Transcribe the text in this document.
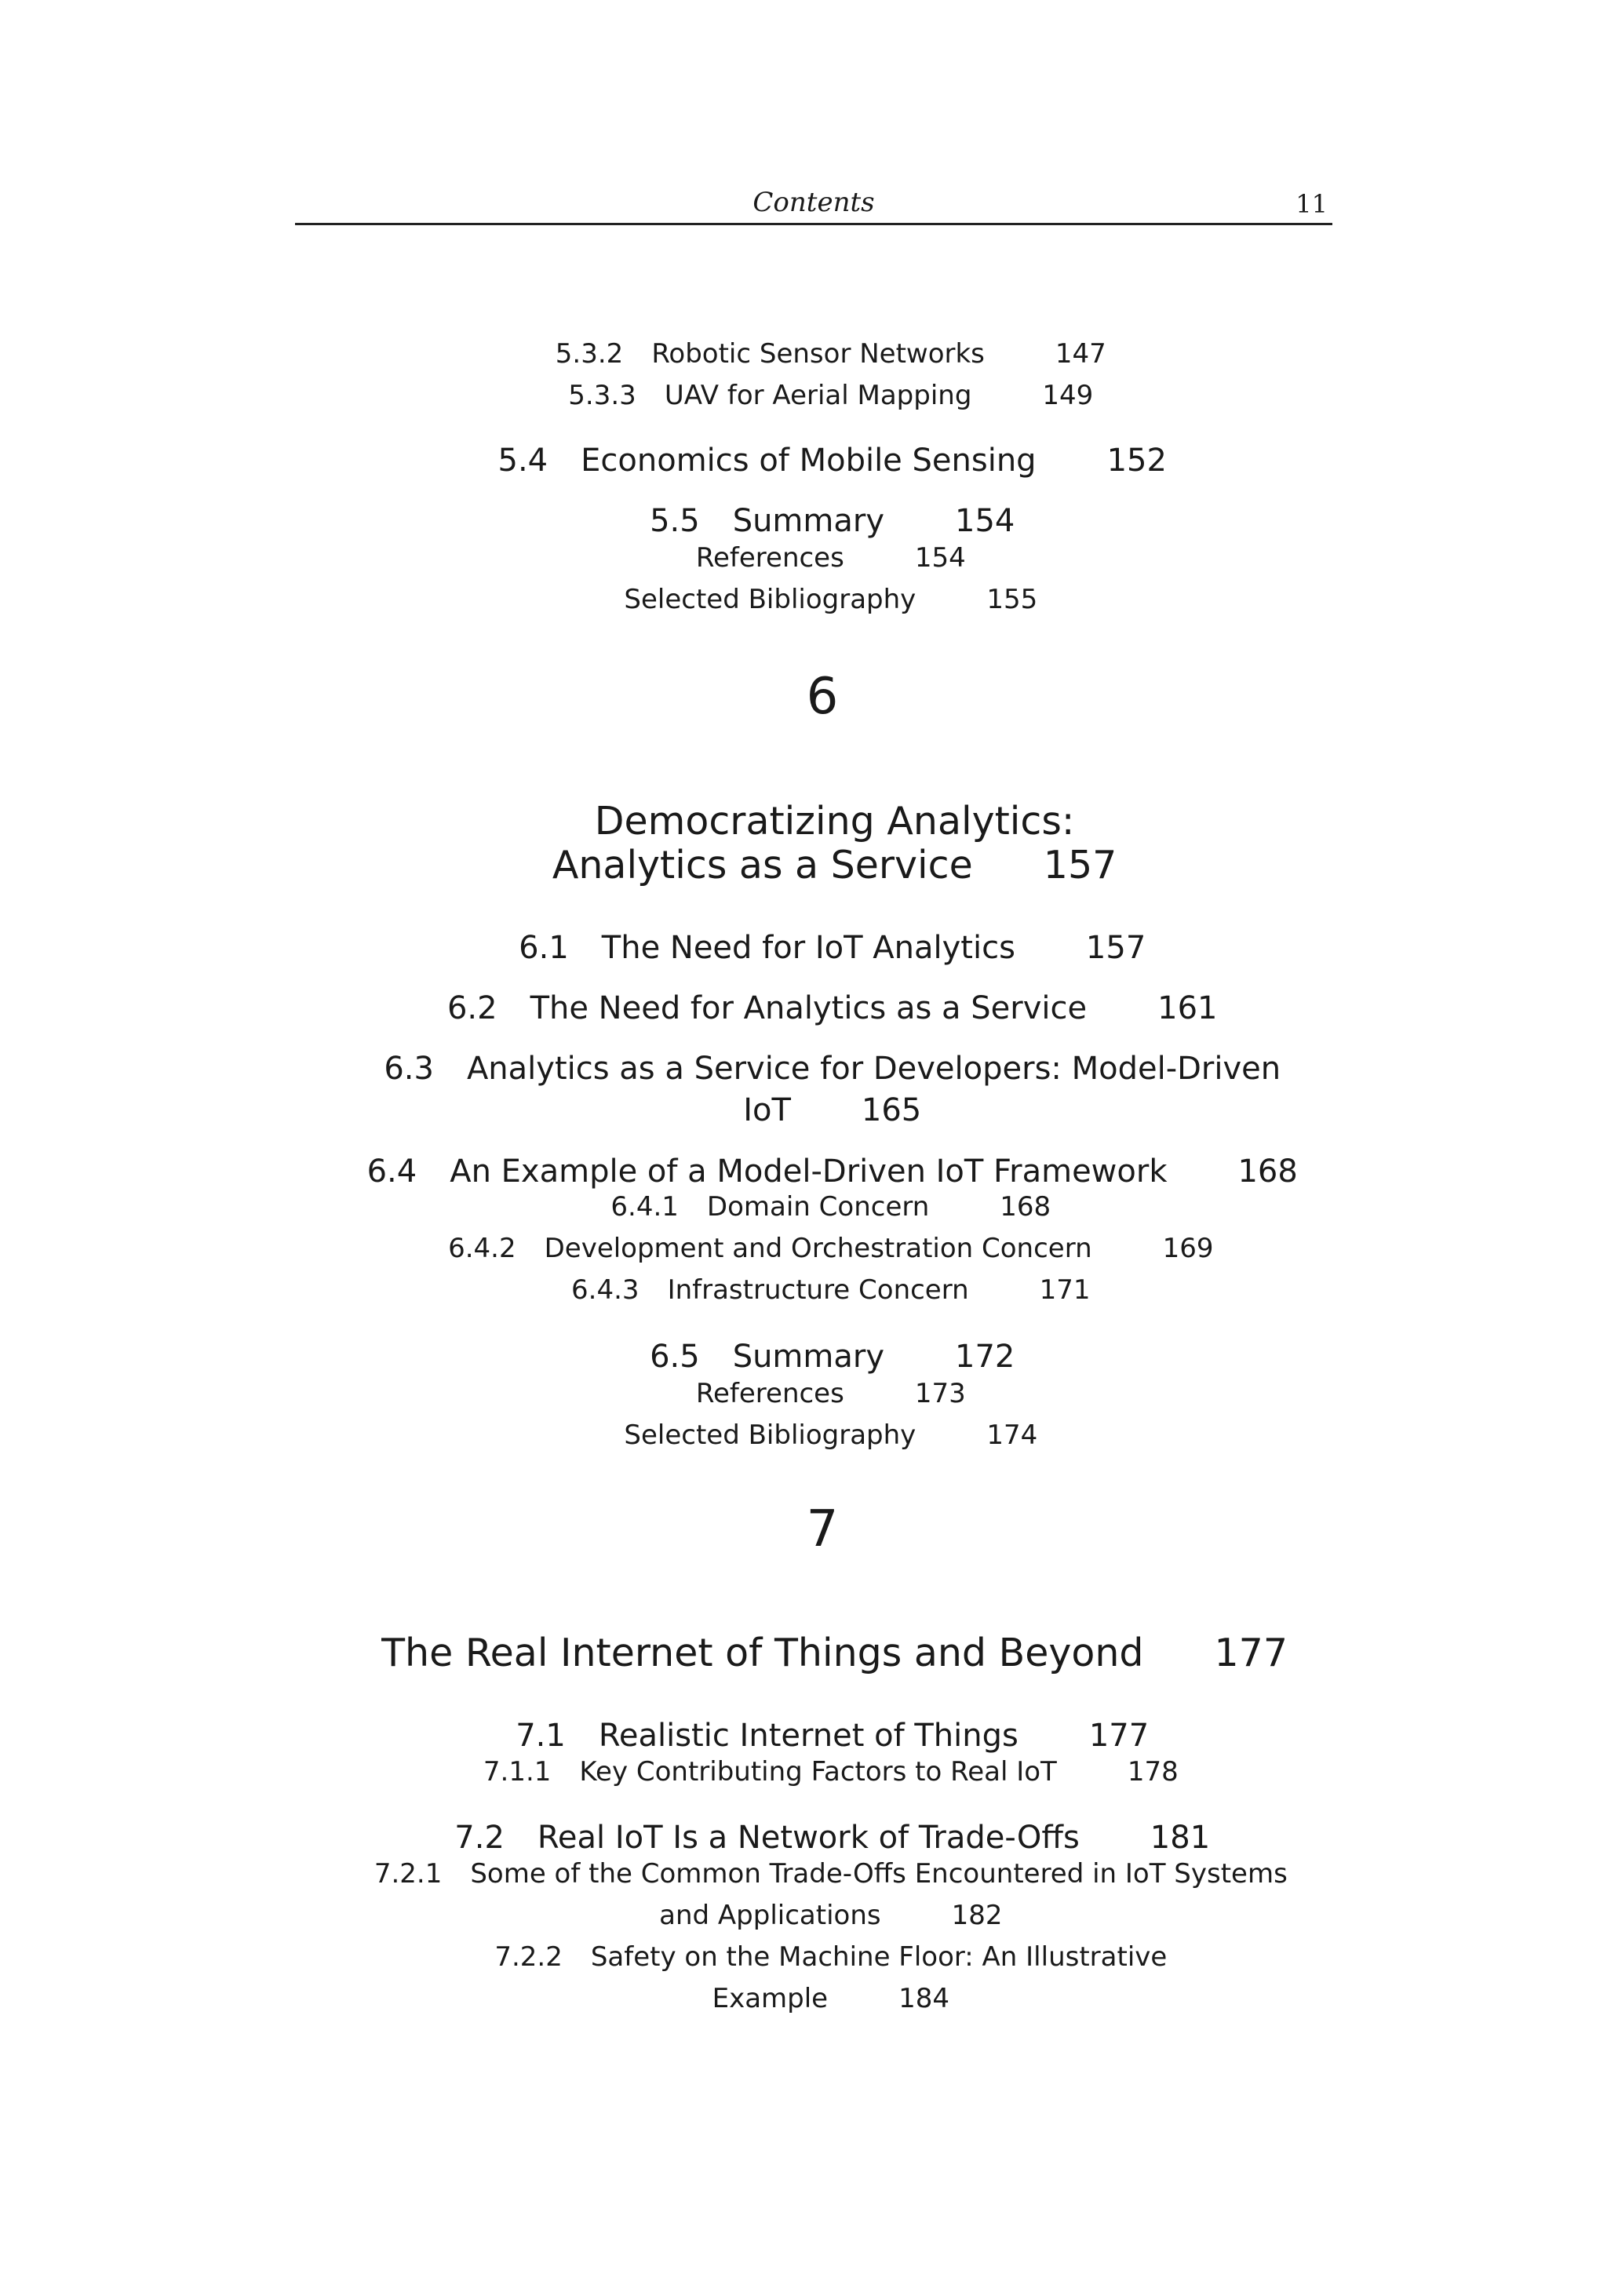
Contents	11

5.3.2 Robotic Sensor Networks	147

5.3.3 UAV for Aerial Mapping	149

5.4 Economics of Mobile Sensing 152

5.5 Summary 154

References	154

Selected Bibliography	155

6

Democratizing Analytics:

Analytics as a Service 157

6.1 The Need for IoT Analytics 157

6.2 The Need for Analytics as a Service 161

6.3 Analytics as a Service for Developers: Model-Driven

IoT 165

6.4 An Example of a Model-Driven IoT Framework 168

6.4.1 Domain Concern	168

6.4.2 Development and Orchestration Concern	169

6.4.3 Infrastructure Concern	171

6.5 Summary 172

References	173

Selected Bibliography	174

7

The Real Internet of Things and Beyond 177

7.1 Realistic Internet of Things 177

7.1.1 Key Contributing Factors to Real IoT	178

7.2 Real IoT Is a Network of Trade-Offs 181

7.2.1 Some of the Common Trade-Offs Encountered in IoT Systems

and Applications	182

7.2.2 Safety on the Machine Floor: An Illustrative

Example	184
